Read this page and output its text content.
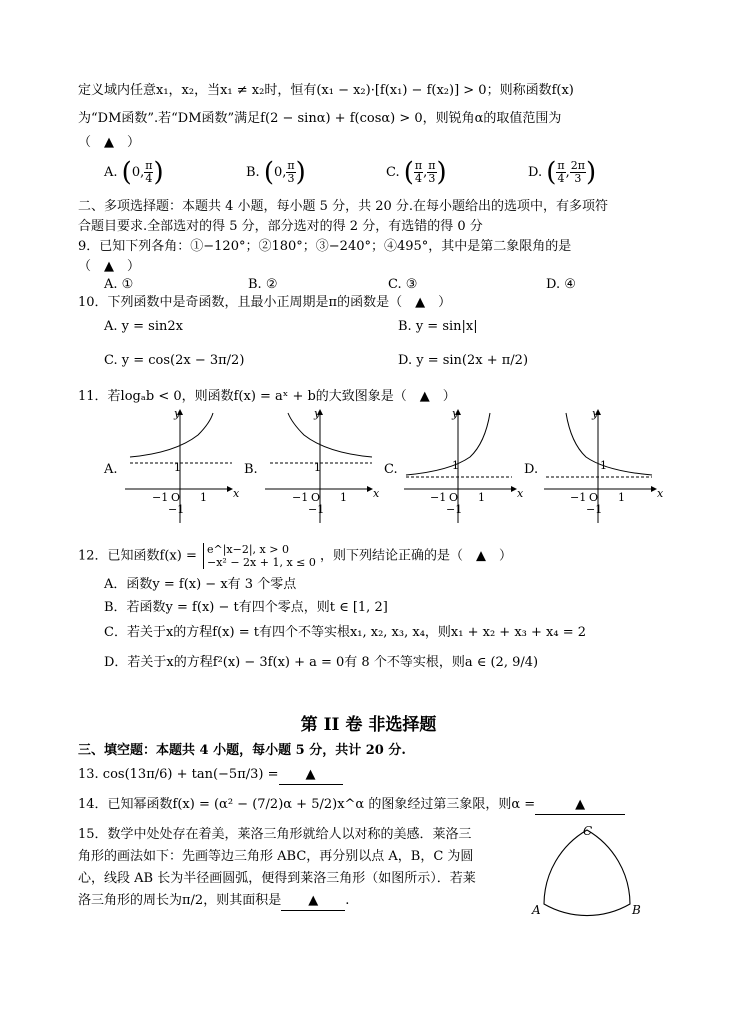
定义域内任意x₁，x₂，当x₁ ≠ x₂时，恒有(x₁ − x₂)·[f(x₁) − f(x₂)] > 0；则称函数f(x)
为“DM函数”.若“DM函数”满足f(2 − sinα) + f(cosα) > 0，则锐角α的取值范围为
（　▲　）
A. (0, $\frac{\pi}{4}$ )	B. (0, $\frac{\pi}{3}$ )	C. ( $\frac{\pi}{4}$ , $\frac{\pi}{3}$ )	D. ( $\frac{\pi}{4}$ , $\frac{2\pi}{3}$ )
二、多项选择题：本题共 4 小题，每小题 5 分，共 20 分.在每小题给出的选项中，有多项符
合题目要求.全部选对的得 5 分，部分选对的得 2 分，有选错的得 0 分
9．已知下列各角：①−120°；②180°；③−240°；④495°，其中是第二象限角的是
（　▲　）
A. ①	B. ②	C. ③	D. ④
10．下列函数中是奇函数，且最小正周期是π的函数是（　▲　）
A. y = sin2x	B. y = sin|x|
C. y = cos(2x − 3π/2)	D. y = sin(2x + π/2)
11．若logₐb < 0，则函数f(x) = aˣ + b的大致图象是（　▲　）
A.
y
x
−1 O 1
1
−1
B.
y
x
−1 O 1
1
−1
C.
y
x
−1 O 1
1
−1
D.
y
x
−1 O 1
1
−1
12．已知函数f(x) = e^|x−2|, x > 0
−x² − 2x + 1, x ≤ 0 ，则下列结论正确的是（　▲　）
A．函数y = f(x) − x有 3 个零点
B．若函数y = f(x) − t有四个零点，则t ∈ [1, 2]
C．若关于x的方程f(x) = t有四个不等实根x₁, x₂, x₃, x₄，则x₁ + x₂ + x₃ + x₄ = 2
D．若关于x的方程f²(x) − 3f(x) + a = 0有 8 个不等实根，则a ∈ (2, 9/4)
第 II 卷 非选择题
三、填空题：本题共 4 小题，每小题 5 分，共计 20 分.
13. cos(13π/6) + tan(−5π/3) = ▲
14．已知幂函数f(x) = (α² − (7/2)α + 5/2)x^α 的图象经过第三象限，则α =	▲
15．数学中处处存在着美，莱洛三角形就给人以对称的美感．莱洛三
角形的画法如下：先画等边三角形 ABC，再分别以点 A，B，C 为圆
心，线段 AB 长为半径画圆弧，便得到莱洛三角形（如图所示）．若莱
洛三角形的周长为π/2，则其面积是 ▲ .
C
A	B
